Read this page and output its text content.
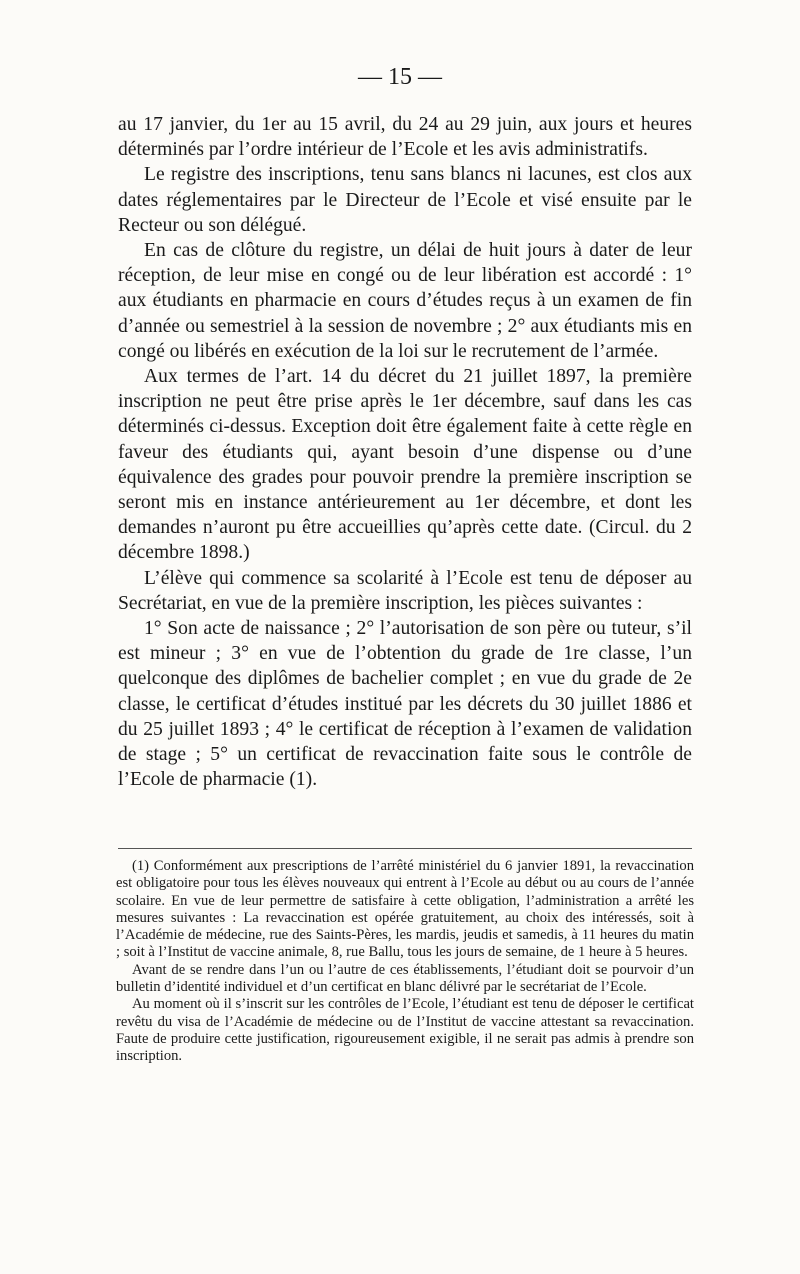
— 15 —

au 17 janvier, du 1er au 15 avril, du 24 au 29 juin, aux jours et heures déterminés par l’ordre intérieur de l’Ecole et les avis administratifs.

Le registre des inscriptions, tenu sans blancs ni lacunes, est clos aux dates réglementaires par le Directeur de l’Ecole et visé ensuite par le Recteur ou son délégué.

En cas de clôture du registre, un délai de huit jours à dater de leur réception, de leur mise en congé ou de leur libération est accordé : 1° aux étudiants en pharmacie en cours d’études reçus à un examen de fin d’année ou semestriel à la session de novembre ; 2° aux étudiants mis en congé ou libérés en exécution de la loi sur le recrutement de l’armée.

Aux termes de l’art. 14 du décret du 21 juillet 1897, la première inscription ne peut être prise après le 1er décembre, sauf dans les cas déterminés ci-dessus. Exception doit être également faite à cette règle en faveur des étudiants qui, ayant besoin d’une dispense ou d’une équivalence des grades pour pouvoir prendre la première inscription se seront mis en instance antérieurement au 1er décembre, et dont les demandes n’auront pu être accueillies qu’après cette date. (Circul. du 2 décembre 1898.)

L’élève qui commence sa scolarité à l’Ecole est tenu de déposer au Secrétariat, en vue de la première inscription, les pièces suivantes :

1° Son acte de naissance ; 2° l’autorisation de son père ou tuteur, s’il est mineur ; 3° en vue de l’obtention du grade de 1re classe, l’un quelconque des diplômes de bachelier complet ; en vue du grade de 2e classe, le certificat d’études institué par les décrets du 30 juillet 1886 et du 25 juillet 1893 ; 4° le certificat de réception à l’examen de validation de stage ; 5° un certificat de revaccination faite sous le contrôle de l’Ecole de pharmacie (1).

(1) Conformément aux prescriptions de l’arrêté ministériel du 6 janvier 1891, la revaccination est obligatoire pour tous les élèves nouveaux qui entrent à l’Ecole au début ou au cours de l’année scolaire. En vue de leur permettre de satisfaire à cette obligation, l’administration a arrêté les mesures suivantes : La revaccination est opérée gratuitement, au choix des intéressés, soit à l’Académie de médecine, rue des Saints-Pères, les mardis, jeudis et samedis, à 11 heures du matin ; soit à l’Institut de vaccine animale, 8, rue Ballu, tous les jours de semaine, de 1 heure à 5 heures.

Avant de se rendre dans l’un ou l’autre de ces établissements, l’étudiant doit se pourvoir d’un bulletin d’identité individuel et d’un certificat en blanc délivré par le secrétariat de l’Ecole.

Au moment où il s’inscrit sur les contrôles de l’Ecole, l’étudiant est tenu de déposer le certificat revêtu du visa de l’Académie de médecine ou de l’Institut de vaccine attestant sa revaccination. Faute de produire cette justification, rigoureusement exigible, il ne serait pas admis à prendre son inscription.
